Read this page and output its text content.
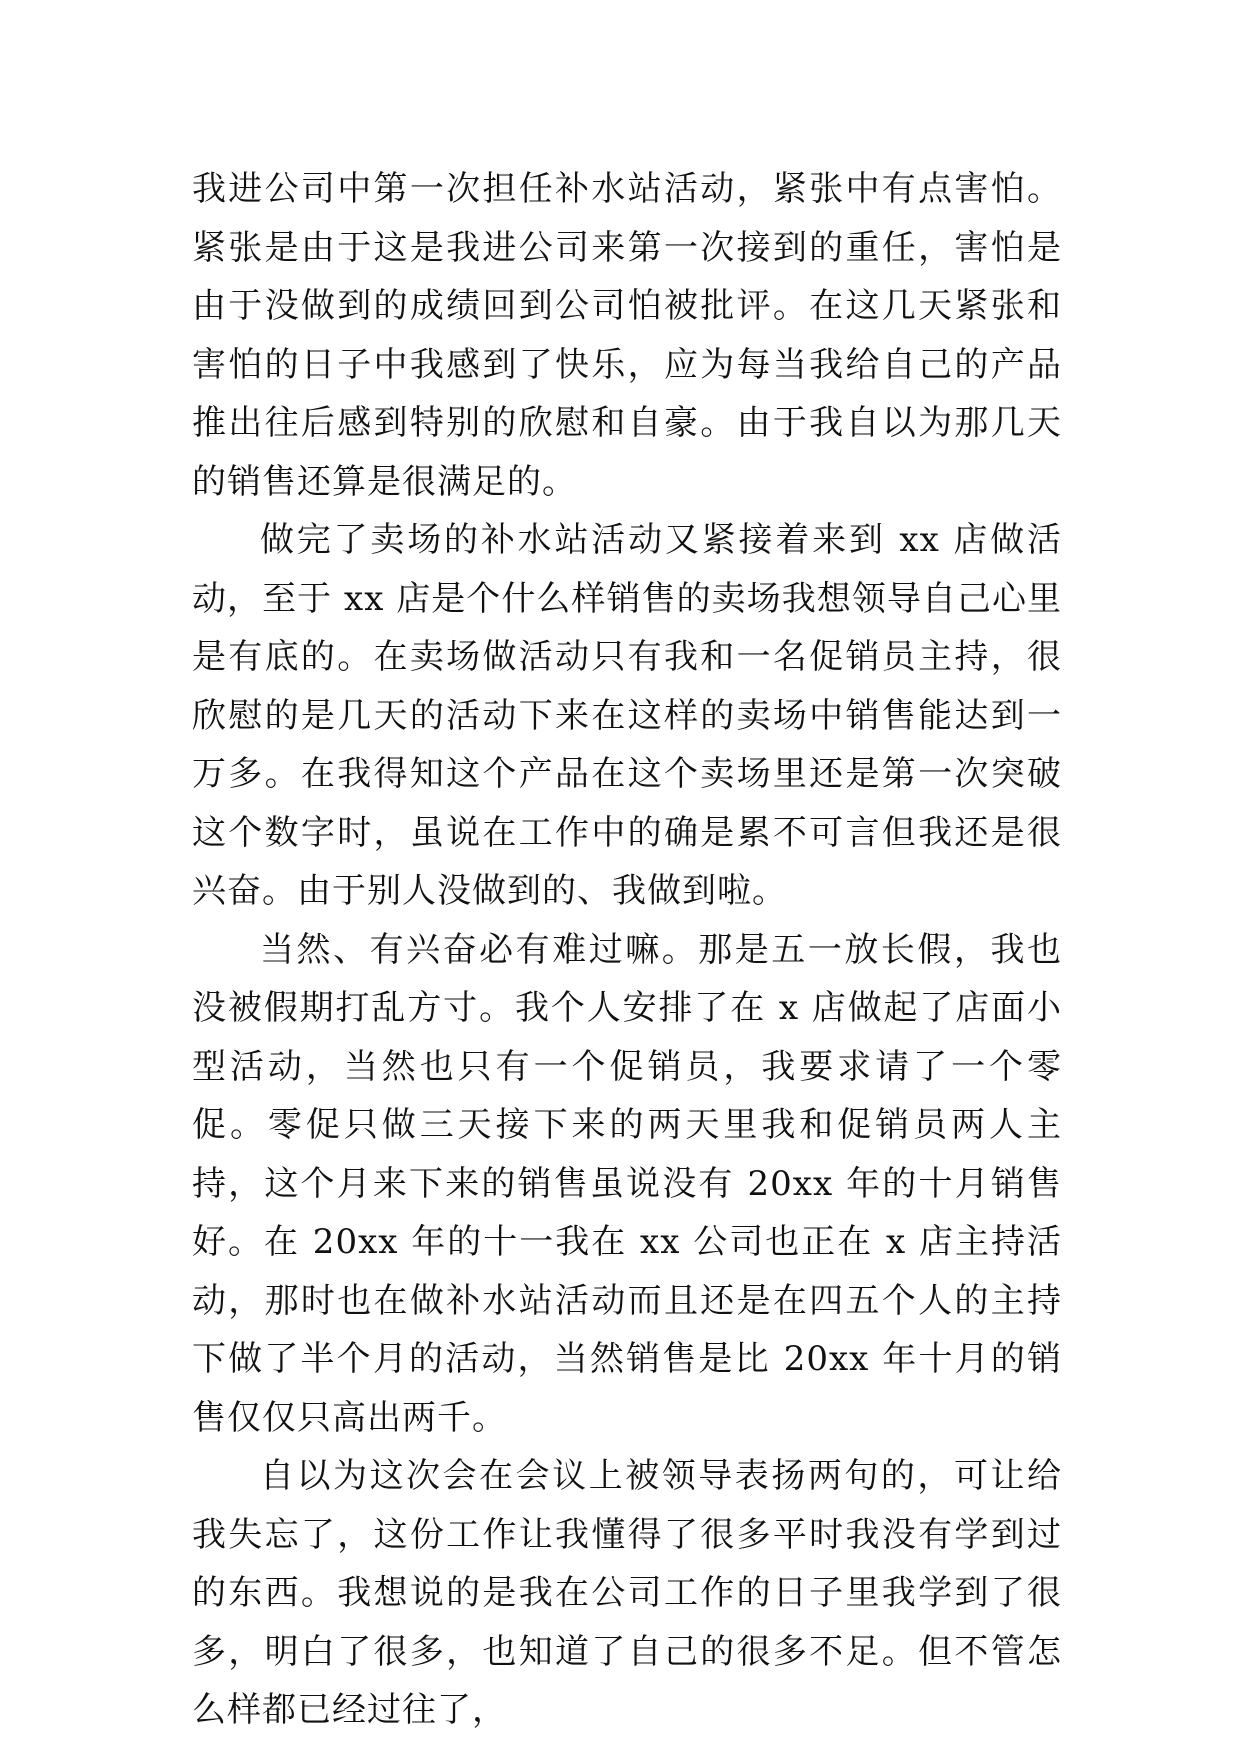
我进公司中第一次担任补水站活动，紧张中有点害怕。紧张是由于这是我进公司来第一次接到的重任，害怕是由于没做到的成绩回到公司怕被批评。在这几天紧张和害怕的日子中我感到了快乐，应为每当我给自己的产品推出往后感到特别的欣慰和自豪。由于我自以为那几天的销售还算是很满足的。

做完了卖场的补水站活动又紧接着来到 xx 店做活动，至于 xx 店是个什么样销售的卖场我想领导自己心里是有底的。在卖场做活动只有我和一名促销员主持，很欣慰的是几天的活动下来在这样的卖场中销售能达到一万多。在我得知这个产品在这个卖场里还是第一次突破这个数字时，虽说在工作中的确是累不可言但我还是很兴奋。由于别人没做到的、我做到啦。

当然、有兴奋必有难过嘛。那是五一放长假，我也没被假期打乱方寸。我个人安排了在 x 店做起了店面小型活动，当然也只有一个促销员，我要求请了一个零促。零促只做三天接下来的两天里我和促销员两人主持，这个月来下来的销售虽说没有 20xx 年的十月销售好。在 20xx 年的十一我在 xx 公司也正在 x 店主持活动，那时也在做补水站活动而且还是在四五个人的主持下做了半个月的活动，当然销售是比 20xx 年十月的销售仅仅只高出两千。

自以为这次会在会议上被领导表扬两句的，可让给我失忘了，这份工作让我懂得了很多平时我没有学到过的东西。我想说的是我在公司工作的日子里我学到了很多，明白了很多，也知道了自己的很多不足。但不管怎么样都已经过往了，
